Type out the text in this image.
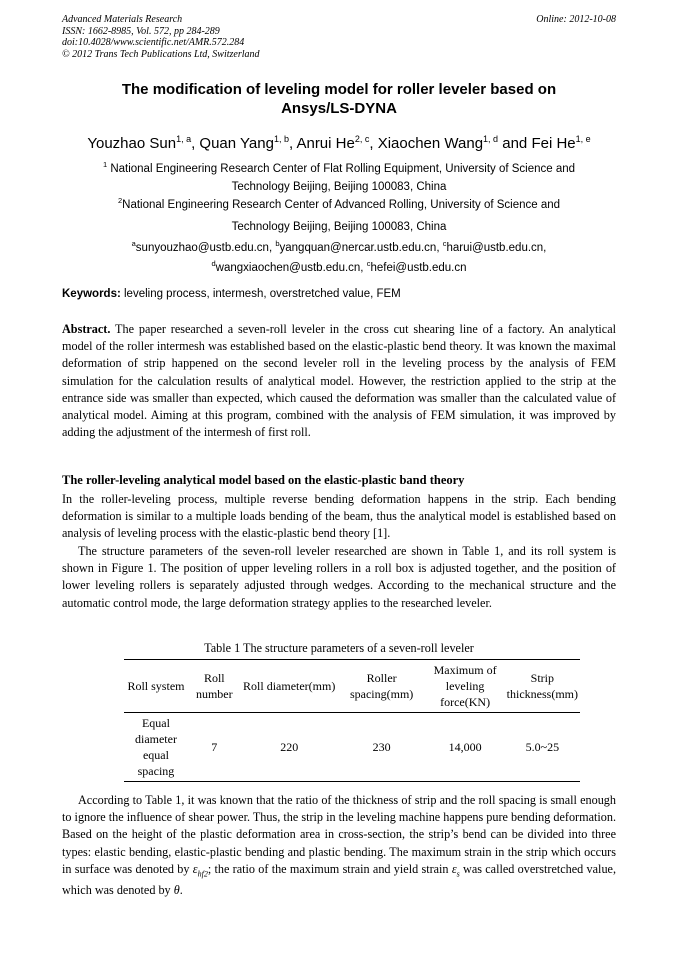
Advanced Materials Research
ISSN: 1662-8985, Vol. 572, pp 284-289
doi:10.4028/www.scientific.net/AMR.572.284
© 2012 Trans Tech Publications Ltd, Switzerland
Online: 2012-10-08
The modification of leveling model for roller leveler based on
Ansys/LS-DYNA
Youzhao Sun$^{1, a}$, Quan Yang$^{1, b}$, Anrui He$^{2, c}$, Xiaochen Wang$^{1, d}$ and Fei He$^{1, e}$
$^1$ National Engineering Research Center of Flat Rolling Equipment, University of Science and
Technology Beijing, Beijing 100083, China
$^2$National Engineering Research Center of Advanced Rolling, University of Science and
Technology Beijing, Beijing 100083, China
$^a$sunyouzhao@ustb.edu.cn, $^b$yangquan@nercar.ustb.edu.cn, $^c$harui@ustb.edu.cn,
$^d$wangxiaochen@ustb.edu.cn, $^c$hefei@ustb.edu.cn
Keywords: leveling process, intermesh, overstretched value, FEM
Abstract. The paper researched a seven-roll leveler in the cross cut shearing line of a factory. An analytical model of the roller intermesh was established based on the elastic-plastic bend theory. It was known the maximal deformation of strip happened on the second leveler roll in the leveling process by the analysis of FEM simulation for the calculation results of analytical model. However, the restriction applied to the strip at the entrance side was smaller than expected, which caused the deformation was smaller than the calculated value of analytical model. Aiming at this program, combined with the analysis of FEM simulation, it was improved by adding the adjustment of the intermesh of first roll.
The roller-leveling analytical model based on the elastic-plastic band theory
In the roller-leveling process, multiple reverse bending deformation happens in the strip. Each bending deformation is similar to a multiple loads bending of the beam, thus the analytical model is established based on analysis of leveling process with the elastic-plastic bend theory [1].
The structure parameters of the seven-roll leveler researched are shown in Table 1, and its roll system is shown in Figure 1. The position of upper leveling rollers in a roll box is adjusted together, and the position of lower leveling rollers is separately adjusted through wedges. According to the mechanical structure and the automatic control mode, the large deformation strategy applies to the researched leveler.
Table 1 The structure parameters of a seven-roll leveler
Roll system	Roll number	Roll diameter(mm)	Roller spacing(mm)	Maximum of leveling force(KN)	Strip thickness(mm)
Equal diameter equal spacing	7	220	230	14,000	5.0~25
According to Table 1, it was known that the ratio of the thickness of strip and the roll spacing is small enough to ignore the influence of shear power. Thus, the strip in the leveling machine happens pure bending deformation. Based on the height of the plastic deformation area in cross-section, the strip’s bend can be divided into three types: elastic bending, elastic-plastic bending and plastic bending. The maximum strain in the strip which occurs in surface was denoted by $\varepsilon_{hf2}$; the ratio of the maximum strain and yield strain $\varepsilon_s$ was called overstretched value, which was denoted by θ.
